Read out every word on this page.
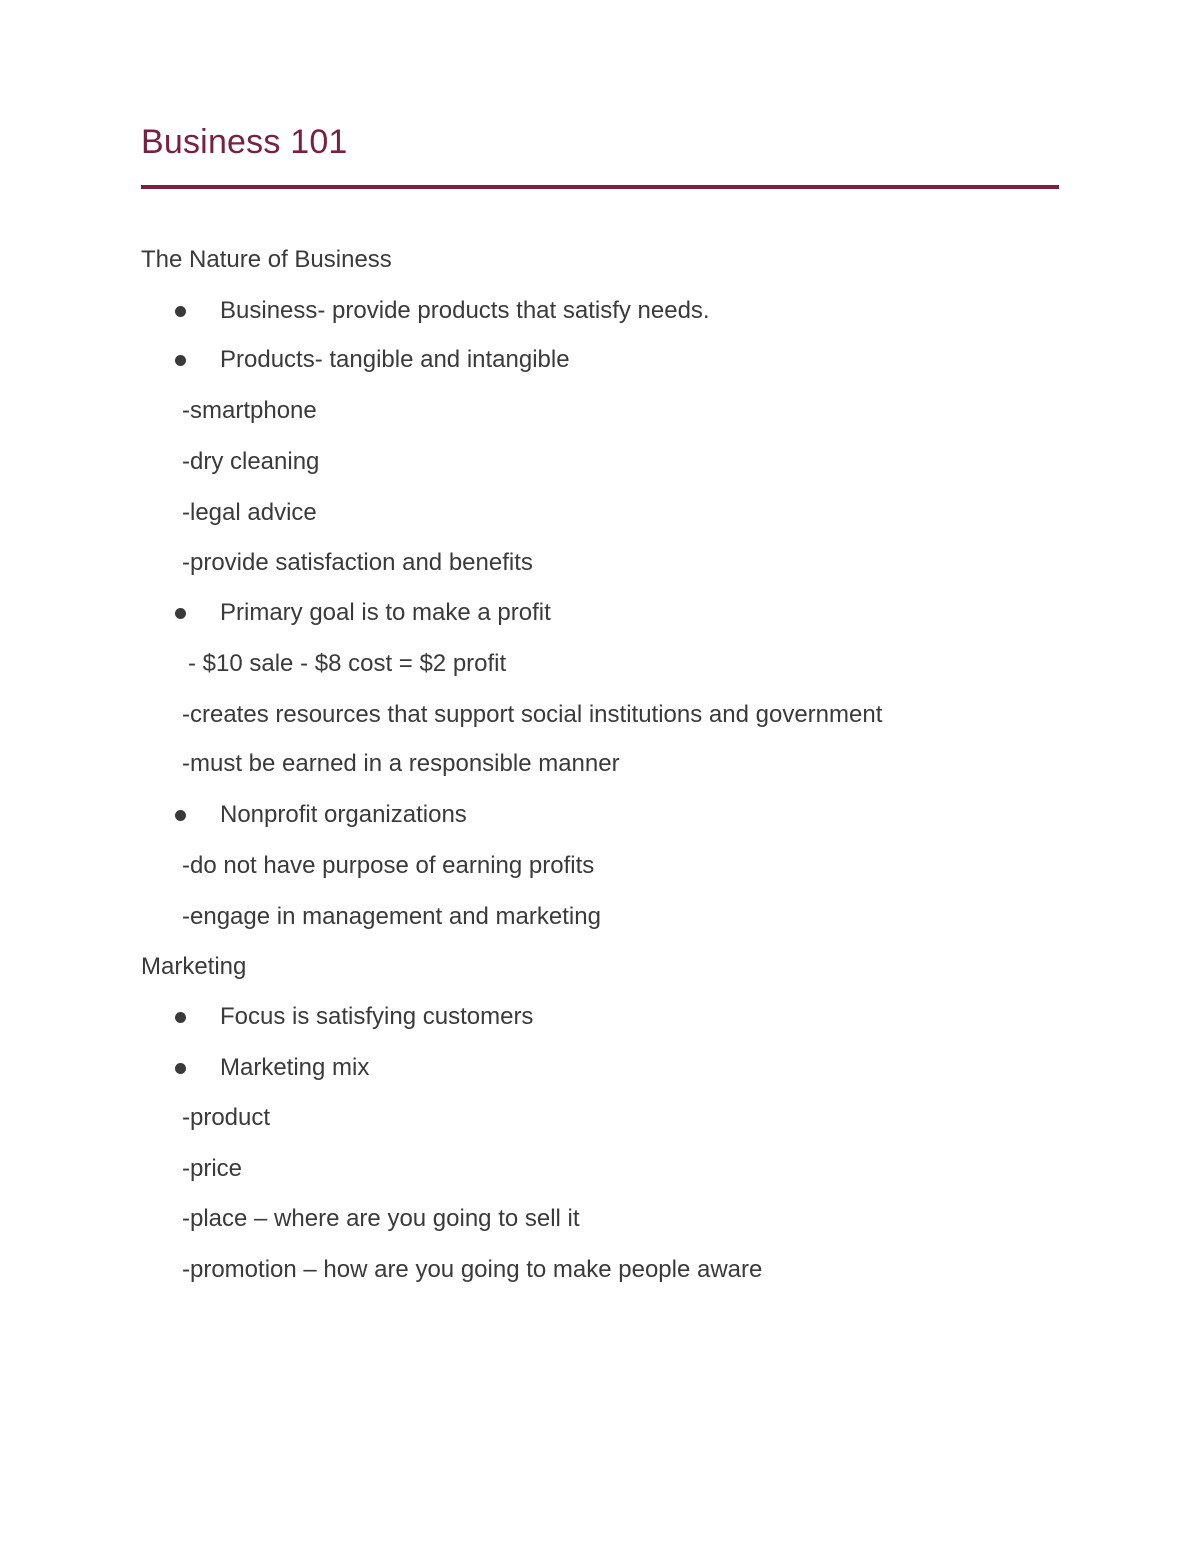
Business 101
The Nature of Business
Business- provide products that satisfy needs.
Products- tangible and intangible
-smartphone
-dry cleaning
-legal advice
-provide satisfaction and benefits
Primary goal is to make a profit
- $10 sale - $8 cost = $2 profit
-creates resources that support social institutions and government
-must be earned in a responsible manner
Nonprofit organizations
-do not have purpose of earning profits
-engage in management and marketing
Marketing
Focus is satisfying customers
Marketing mix
-product
-price
-place – where are you going to sell it
-promotion – how are you going to make people aware
